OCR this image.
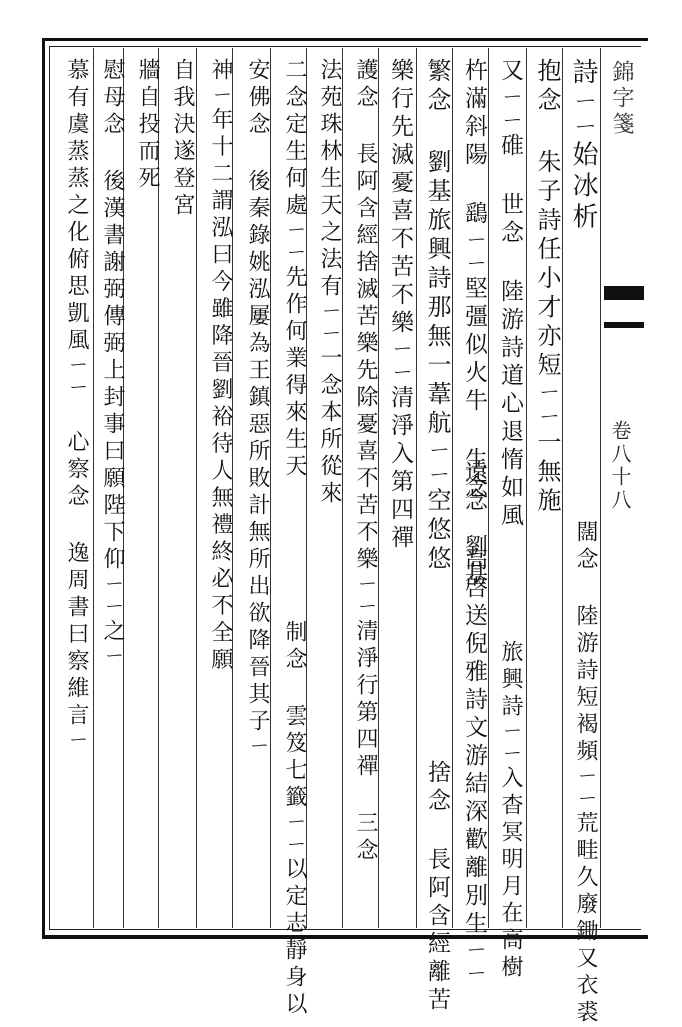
錦字箋
卷八十八
詩ㄧㄧ始冰析
抱念 朱子詩任小才亦短ㄧㄧ一無施
闊念 陸游詩短褐頻ㄧㄧ荒畦久廢鋤又衣裘
又ㄧㄧ碓 世念 陸游詩道心退惰如風
杵滿斜陽 鷂ㄧㄧ堅彊似火牛 生念 劉基
旅興詩ㄧㄧ入杳冥明月在高樹
繁念 劉基旅興詩那無一葦航ㄧㄧ空悠悠
遠念 高啓送倪雅詩文游結深歡離別生ㄧㄧ
捨念 長阿含經離苦
樂行先滅憂喜不苦不樂ㄧㄧ清淨入第四禪
護念 長阿含經捨滅苦樂先除憂喜不苦不樂ㄧㄧ清淨行第四禪 三念
法苑珠林生天之法有ㄧㄧ一念本所從來
制念 雲笈七籤ㄧㄧ以定志靜身以
二念定生何處ㄧㄧ先作何業得來生天
安佛念 後秦錄姚泓屢為王鎮惡所敗計無所出欲降晉其子ㄧ
神ㄧ年十二謂泓曰今雖降晉劉裕待人無禮終必不全願
自我決遂登宮
牆自投而死
慰母念 後漢書謝弼傳弼上封事曰願陛下仰ㄧㄧ之ㄧ
慕有虞蒸蒸之化俯思凱風ㄧㄧ 心察念 逸周書曰察維言ㄧ
